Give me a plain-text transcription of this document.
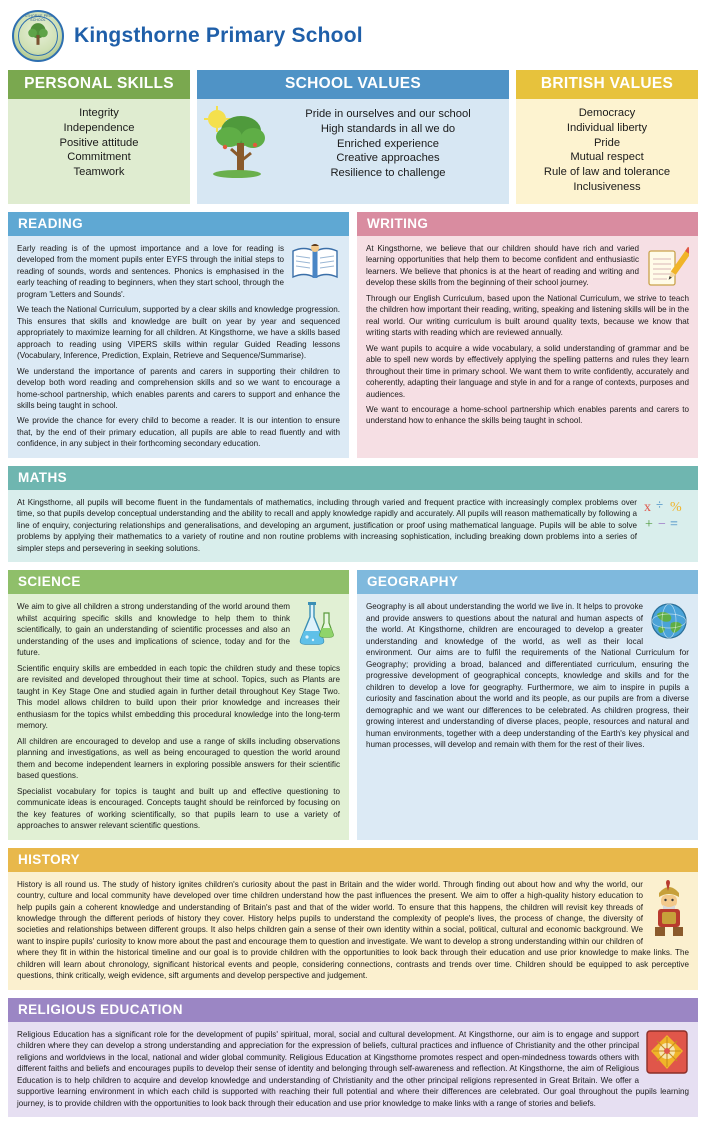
KINGSTHORNE PRIMARY SCHOOL
Kingsthorne Primary School
PERSONAL SKILLS
Integrity
Independence
Positive attitude
Commitment
Teamwork
SCHOOL VALUES
Pride in ourselves and our school
High standards in all we do
Enriched experience
Creative approaches
Resilience to challenge
BRITISH VALUES
Democracy
Individual liberty
Pride
Mutual respect
Rule of law and tolerance
Inclusiveness
READING

Early reading is of the upmost importance and a love for reading is developed from the moment pupils enter EYFS through the initial steps to reading of sounds, words and sentences. Phonics is emphasised in the early teaching of reading to beginners, when they start school, through the program 'Letters and Sounds'.

We teach the National Curriculum, supported by a clear skills and knowledge progression. This ensures that skills and knowledge are built on year by year and sequenced appropriately to maximize learning for all children. At Kingsthorne, we have a skills based approach to reading using VIPERS skills within regular Guided Reading lessons (Vocabulary, Inference, Prediction, Explain, Retrieve and Sequence/Summarise).

We understand the importance of parents and carers in supporting their children to develop both word reading and comprehension skills and so we want to encourage a home-school partnership, which enables parents and carers to support and enhance the skills being taught in school.

We provide the chance for every child to become a reader. It is our intention to ensure that, by the end of their primary education, all pupils are able to read fluently and with confidence, in any subject in their forthcoming secondary education.

WRITING

At Kingsthorne, we believe that our children should have rich and varied learning opportunities that help them to become confident and enthusiastic learners. We believe that phonics is at the heart of reading and writing and develop these skills from the beginning of their school journey.

Through our English Curriculum, based upon the National Curriculum, we strive to teach the children how important their reading, writing, speaking and listening skills will be in the real world. Our writing curriculum is built around quality texts, because we know that writing starts with reading which are reviewed annually.

We want pupils to acquire a wide vocabulary, a solid understanding of grammar and be able to spell new words by effectively applying the spelling patterns and rules they learn throughout their time in primary school. We want them to write confidently, accurately and coherently, adapting their language and style in and for a range of contexts, purposes and audiences.

We want to encourage a home-school partnership which enables parents and carers to understand how to enhance the skills being taught in school.

MATHS
x ÷ %
+ − =

At Kingsthorne, all pupils will become fluent in the fundamentals of mathematics, including through varied and frequent practice with increasingly complex problems over time, so that pupils develop conceptual understanding and the ability to recall and apply knowledge rapidly and accurately. All pupils will reason mathematically by following a line of enquiry, conjecturing relationships and generalisations, and developing an argument, justification or proof using mathematical language. Pupils will be able to solve problems by applying their mathematics to a variety of routine and non routine problems with increasing sophistication, including breaking down problems into a series of simpler steps and persevering in seeking solutions.

SCIENCE

We aim to give all children a strong understanding of the world around them whilst acquiring specific skills and knowledge to help them to think scientifically, to gain an understanding of scientific processes and also an understanding of the uses and implications of science, today and for the future.

Scientific enquiry skills are embedded in each topic the children study and these topics are revisited and developed throughout their time at school. Topics, such as Plants are taught in Key Stage One and studied again in further detail throughout Key Stage Two. This model allows children to build upon their prior knowledge and increases their enthusiasm for the topics whilst embedding this procedural knowledge into the long-term memory.

All children are encouraged to develop and use a range of skills including observations planning and investigations, as well as being encouraged to question the world around them and become independent learners in exploring possible answers for their scientific based questions.

Specialist vocabulary for topics is taught and built up and effective questioning to communicate ideas is encouraged. Concepts taught should be reinforced by focusing on the key features of working scientifically, so that pupils learn to use a variety of approaches to answer relevant scientific questions.

GEOGRAPHY

Geography is all about understanding the world we live in. It helps to provoke and provide answers to questions about the natural and human aspects of the world. At Kingsthorne, children are encouraged to develop a greater understanding and knowledge of the world, as well as their local environment. Our aims are to fulfil the requirements of the National Curriculum for Geography; providing a broad, balanced and differentiated curriculum, ensuring the progressive development of geographical concepts, knowledge and skills and for the children to develop a love for geography. Furthermore, we aim to inspire in pupils a curiosity and fascination about the world and its people, as our pupils are from a diverse demographic and we want our differences to be celebrated. As children progress, their growing interest and understanding of diverse places, people, resources and natural and human environments, together with a deep understanding of the Earth's key physical and human processes, will develop and remain with them for the rest of their lives.

HISTORY

History is all round us. The study of history ignites children's curiosity about the past in Britain and the wider world. Through finding out about how and why the world, our country, culture and local community have developed over time children understand how the past influences the present. We aim to offer a high-quality history education to help pupils gain a coherent knowledge and understanding of Britain's past and that of the wider world. To ensure that this happens, the children will revisit key threads of knowledge through the different periods of history they cover. History helps pupils to understand the complexity of people's lives, the process of change, the diversity of societies and relationships between different groups. It also helps children gain a sense of their own identity within a social, political, cultural and economic background. We want to inspire pupils' curiosity to know more about the past and encourage them to question and investigate. We want to develop a strong understanding within our children of where they fit in within the historical timeline and our goal is to provide children with the opportunities to look back through their education and use prior knowledge to make links. The children will learn about chronology, significant historical events and people, considering connections, contrasts and trends over time. Children should be equipped to ask perceptive questions, think critically, weigh evidence, sift arguments and develop perspective and judgement.

RELIGIOUS EDUCATION

Religious Education has a significant role for the development of pupils' spiritual, moral, social and cultural development. At Kingsthorne, our aim is to engage and support children where they can develop a strong understanding and appreciation for the expression of beliefs, cultural practices and influence of Christianity and the other principal religions and worldviews in the local, national and wider global community. Religious Education at Kingsthorne promotes respect and open-mindedness towards others with different faiths and beliefs and encourages pupils to develop their sense of identity and belonging through self-awareness and reflection. At Kingsthorne, the aim of Religious Education is to help children to acquire and develop knowledge and understanding of Christianity and the other principal religions represented in Great Britain. We offer a supportive learning environment in which each child is supported with reaching their full potential and where their differences are celebrated. Our goal throughout the pupils learning journey, is to provide children with the opportunities to look back through their education and use prior knowledge to make links with a range of stories and beliefs.
